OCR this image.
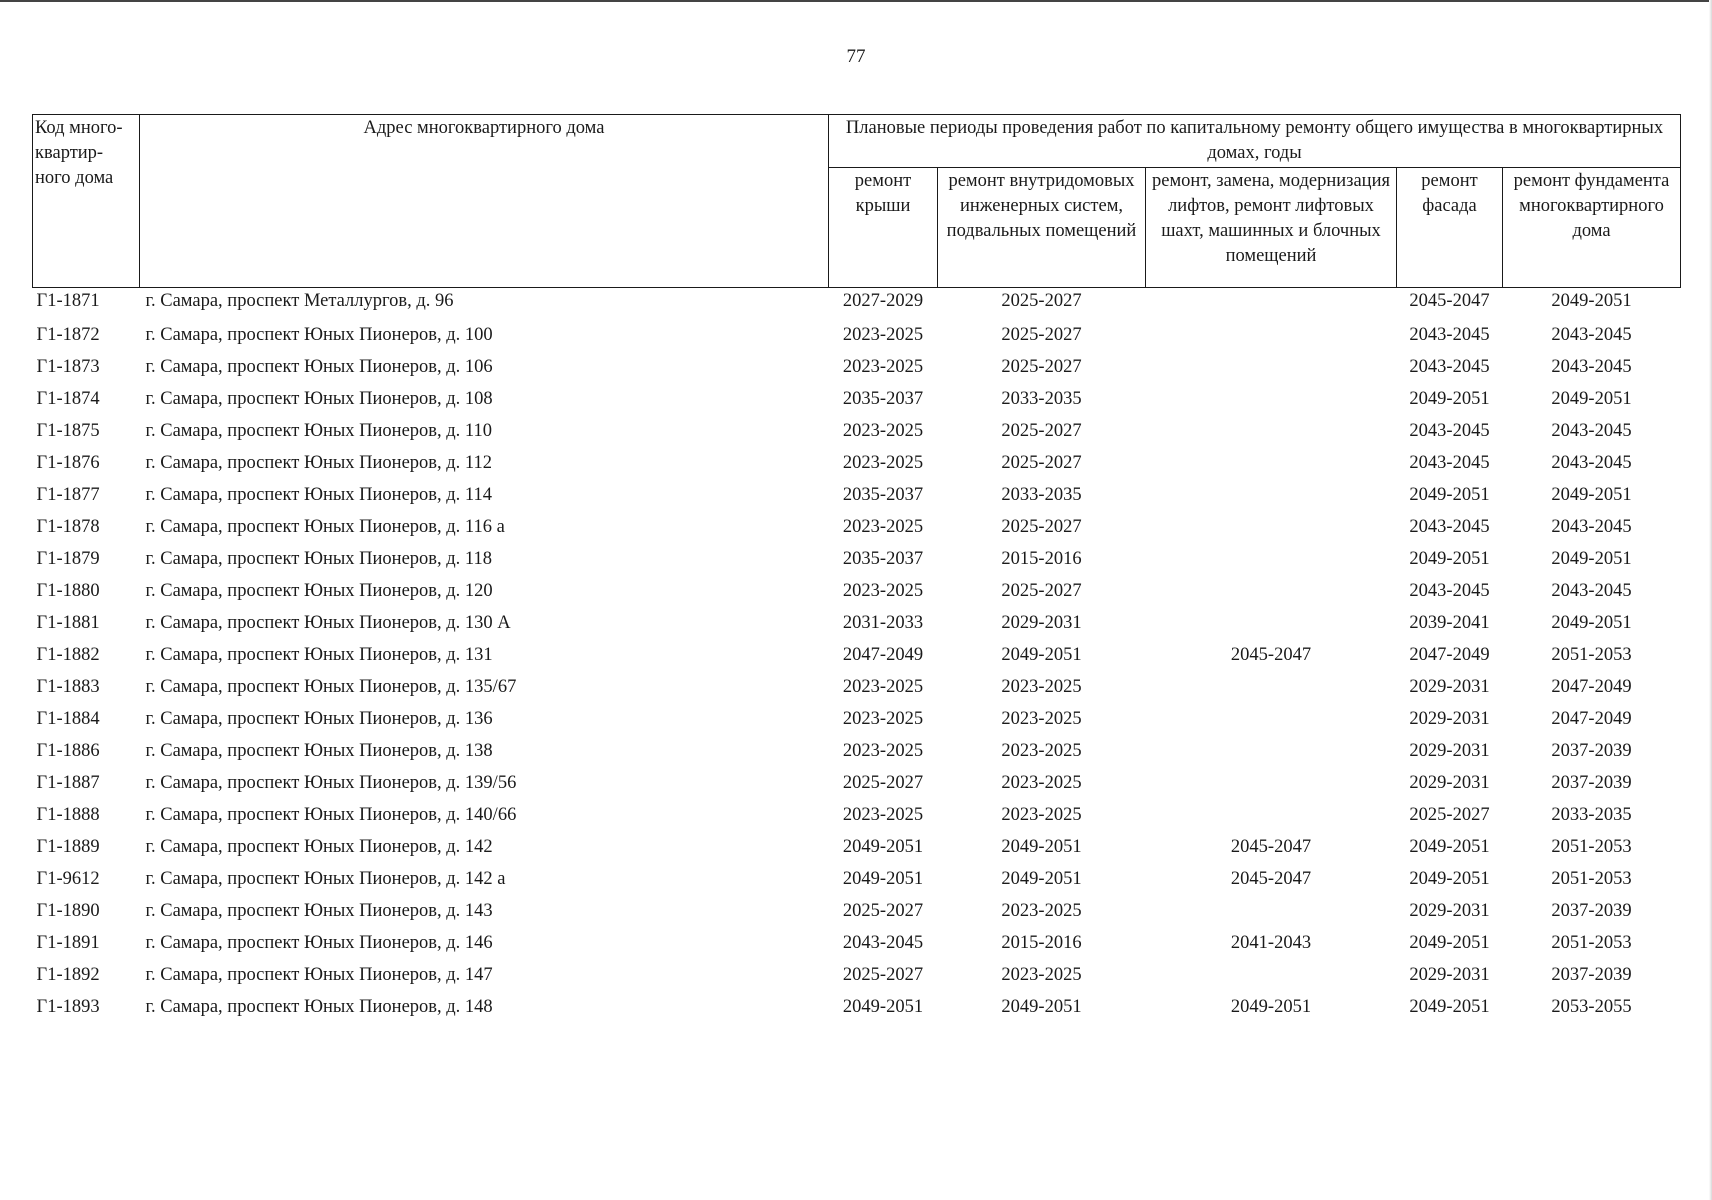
77
Код много-квартир-ного дома	Адрес многоквартирного дома	Плановые периоды проведения работ по капитальному ремонту общего имущества в многоквартирных домах, годы				
		ремонт крыши	ремонт внутридомовых инженерных систем, подвальных помещений	ремонт, замена, модернизация лифтов, ремонт лифтовых шахт, машинных и блочных помещений	ремонт фасада	ремонт фундамента многоквартирного дома
Г1-1871	г. Самара, проспект Металлургов, д. 96	2027-2029	2025-2027		2045-2047	2049-2051
Г1-1872	г. Самара, проспект Юных Пионеров, д. 100	2023-2025	2025-2027		2043-2045	2043-2045
Г1-1873	г. Самара, проспект Юных Пионеров, д. 106	2023-2025	2025-2027		2043-2045	2043-2045
Г1-1874	г. Самара, проспект Юных Пионеров, д. 108	2035-2037	2033-2035		2049-2051	2049-2051
Г1-1875	г. Самара, проспект Юных Пионеров, д. 110	2023-2025	2025-2027		2043-2045	2043-2045
Г1-1876	г. Самара, проспект Юных Пионеров, д. 112	2023-2025	2025-2027		2043-2045	2043-2045
Г1-1877	г. Самара, проспект Юных Пионеров, д. 114	2035-2037	2033-2035		2049-2051	2049-2051
Г1-1878	г. Самара, проспект Юных Пионеров, д. 116 а	2023-2025	2025-2027		2043-2045	2043-2045
Г1-1879	г. Самара, проспект Юных Пионеров, д. 118	2035-2037	2015-2016		2049-2051	2049-2051
Г1-1880	г. Самара, проспект Юных Пионеров, д. 120	2023-2025	2025-2027		2043-2045	2043-2045
Г1-1881	г. Самара, проспект Юных Пионеров, д. 130 А	2031-2033	2029-2031		2039-2041	2049-2051
Г1-1882	г. Самара, проспект Юных Пионеров, д. 131	2047-2049	2049-2051	2045-2047	2047-2049	2051-2053
Г1-1883	г. Самара, проспект Юных Пионеров, д. 135/67	2023-2025	2023-2025		2029-2031	2047-2049
Г1-1884	г. Самара, проспект Юных Пионеров, д. 136	2023-2025	2023-2025		2029-2031	2047-2049
Г1-1886	г. Самара, проспект Юных Пионеров, д. 138	2023-2025	2023-2025		2029-2031	2037-2039
Г1-1887	г. Самара, проспект Юных Пионеров, д. 139/56	2025-2027	2023-2025		2029-2031	2037-2039
Г1-1888	г. Самара, проспект Юных Пионеров, д. 140/66	2023-2025	2023-2025		2025-2027	2033-2035
Г1-1889	г. Самара, проспект Юных Пионеров, д. 142	2049-2051	2049-2051	2045-2047	2049-2051	2051-2053
Г1-9612	г. Самара, проспект Юных Пионеров, д. 142 а	2049-2051	2049-2051	2045-2047	2049-2051	2051-2053
Г1-1890	г. Самара, проспект Юных Пионеров, д. 143	2025-2027	2023-2025		2029-2031	2037-2039
Г1-1891	г. Самара, проспект Юных Пионеров, д. 146	2043-2045	2015-2016	2041-2043	2049-2051	2051-2053
Г1-1892	г. Самара, проспект Юных Пионеров, д. 147	2025-2027	2023-2025		2029-2031	2037-2039
Г1-1893	г. Самара, проспект Юных Пионеров, д. 148	2049-2051	2049-2051	2049-2051	2049-2051	2053-2055
